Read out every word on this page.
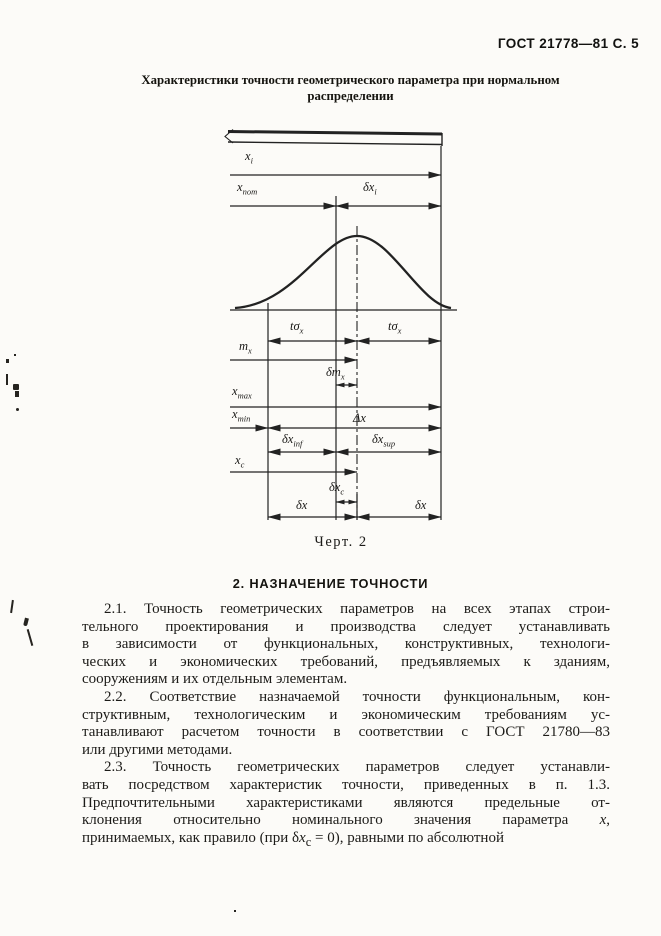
ГОСТ 21778—81 С. 5
Характеристики точности геометрического параметра при нормальном
распределении
$x_i$
$x_{nom}$	$\delta x_i$
$t\sigma_x$	$t\sigma_x$
$m_x$
$\delta m_x$
$x_{max}$
$x_{min}$	Δx
$\delta x_{inf}$	$\delta x_{sup}$
$x_c$
$\delta x_c$
δx	δx
Черт. 2
2. НАЗНАЧЕНИЕ ТОЧНОСТИ
2.1. Точность геометрических параметров на всех этапах строи-
тельного проектирования и производства следует устанавливать
в зависимости от функциональных, конструктивных, технологи-
ческих и экономических требований, предъявляемых к зданиям,
сооружениям и их отдельным элементам.
2.2. Соответствие назначаемой точности функциональным, кон-
структивным, технологическим и экономическим требованиям ус-
танавливают расчетом точности в соответствии с ГОСТ 21780—83
или другими методами.
2.3. Точность геометрических параметров следует устанавли-
вать посредством характеристик точности, приведенных в п. 1.3.
Предпочтительными характеристиками являются предельные от-
клонения относительно номинального значения параметра x,
принимаемых, как правило (при $\delta x_с = 0$), равными по абсолютной
